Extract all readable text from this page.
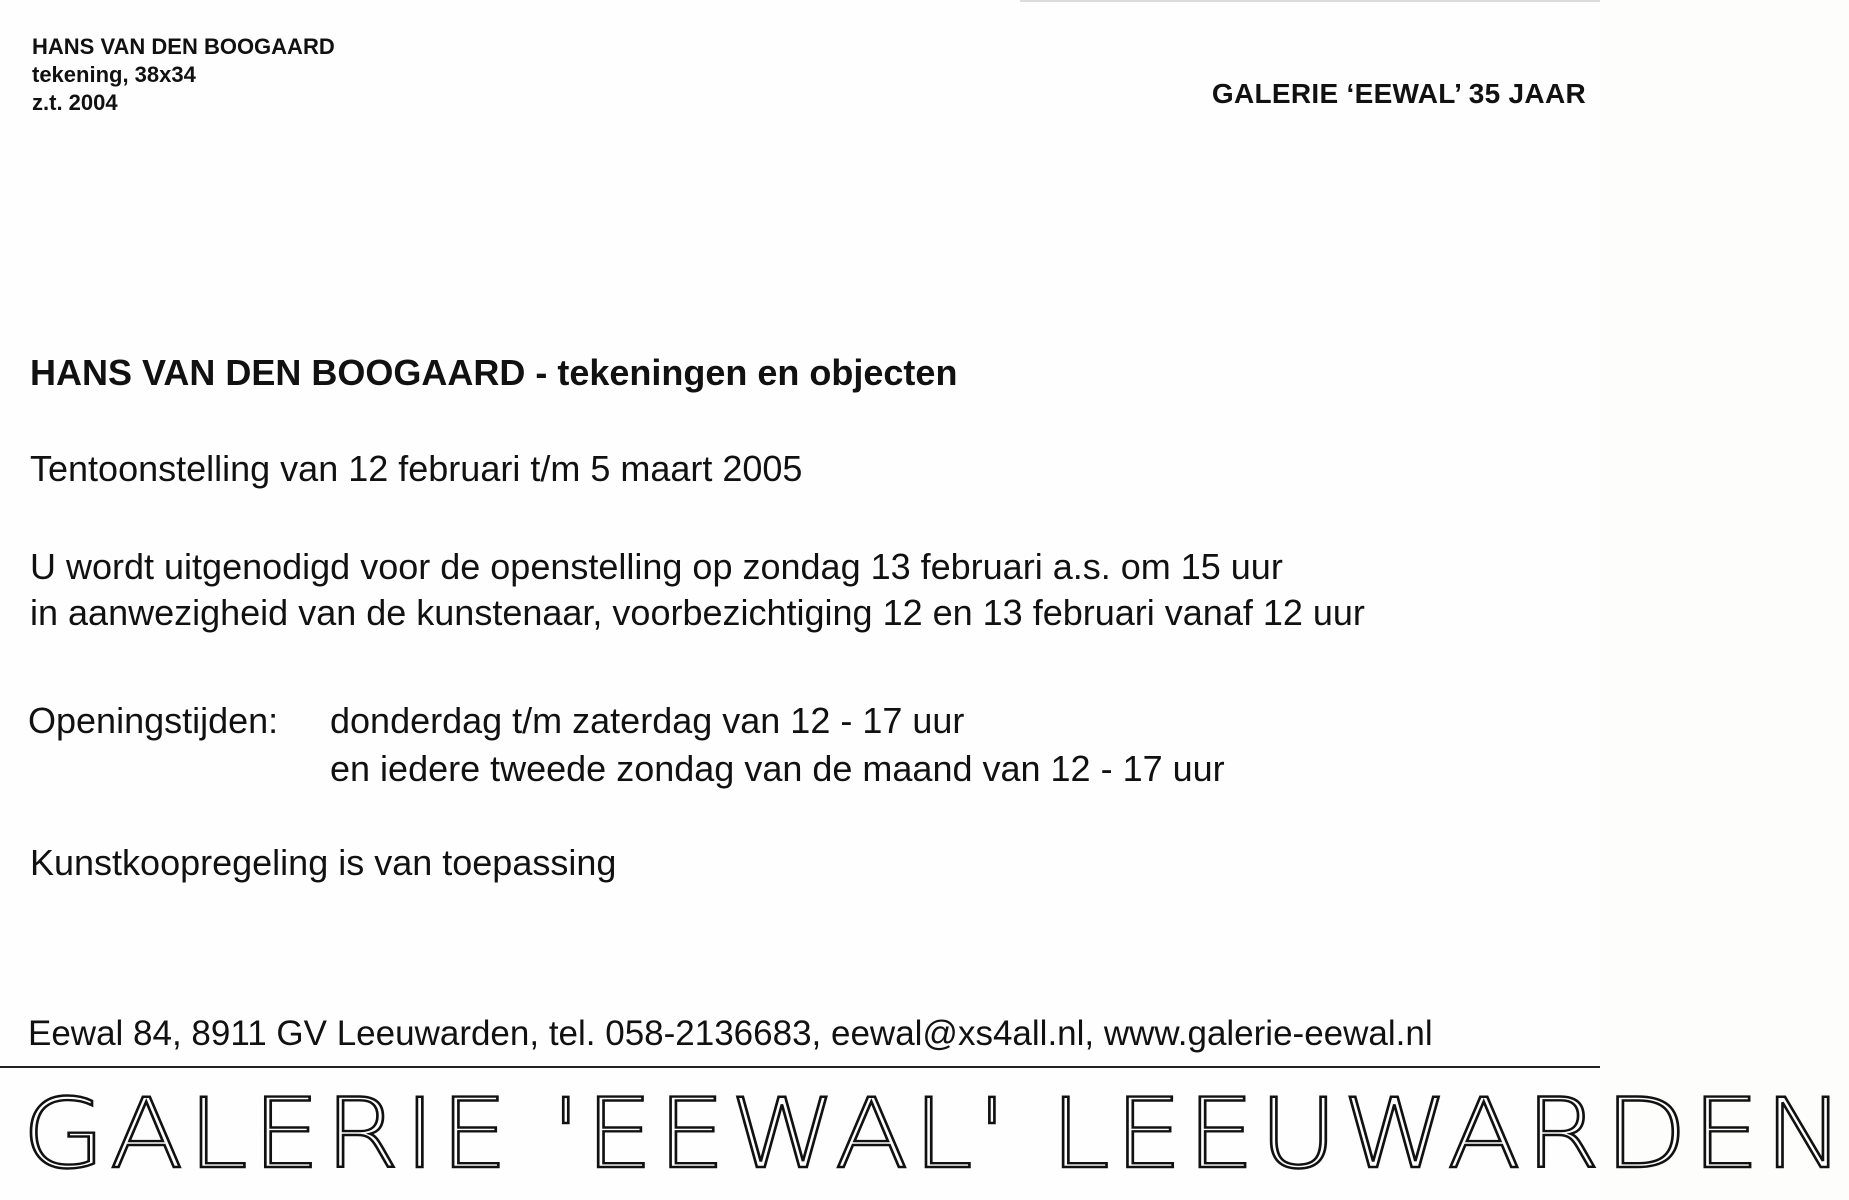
HANS VAN DEN BOOGAARD
tekening, 38x34
z.t. 2004	GALERIE ‘EEWAL’ 35 JAAR
HANS VAN DEN BOOGAARD - tekeningen en objecten
Tentoonstelling van 12 februari t/m 5 maart 2005
U wordt uitgenodigd voor de openstelling op zondag 13 februari a.s. om 15 uur
in aanwezigheid van de kunstenaar, voorbezichtiging 12 en 13 februari vanaf 12 uur
Openingstijden: donderdag t/m zaterdag van 12 - 17 uur
en iedere tweede zondag van de maand van 12 - 17 uur
Kunstkoopregeling is van toepassing
Eewal 84, 8911 GV Leeuwarden, tel. 058-2136683, eewal@xs4all.nl, www.galerie-eewal.nl
GALERIE 'EEWAL' LEEUWARDEN
